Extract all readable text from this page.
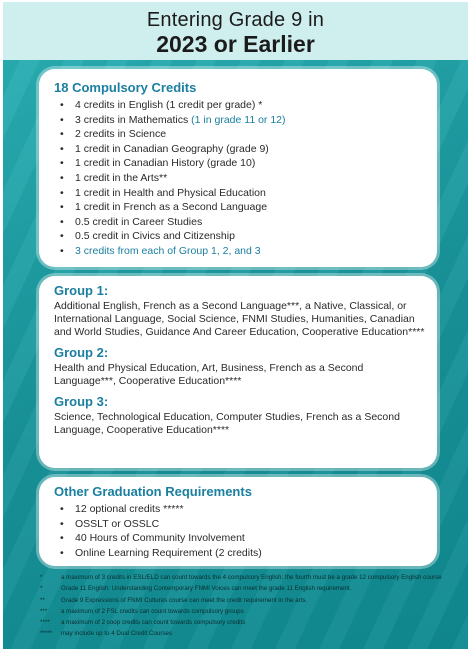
Entering Grade 9 in
2023 or Earlier
18 Compulsory Credits
• 4 credits in English (1 credit per grade) *
• 3 credits in Mathematics (1 in grade 11 or 12)
• 2 credits in Science
• 1 credit in Canadian Geography (grade 9)
• 1 credit in Canadian History (grade 10)
• 1 credit in the Arts**
• 1 credit in Health and Physical Education
• 1 credit in French as a Second Language
• 0.5 credit in Career Studies
• 0.5 credit in Civics and Citizenship
• 3 credits from each of Group 1, 2, and 3
Group 1:
Additional English, French as a Second Language***, a Native, Classical, or International Language, Social Science, FNMI Studies, Humanities, Canadian and World Studies, Guidance And Career Education, Cooperative Education****
Group 2:
Health and Physical Education, Art, Business, French as a Second Language***, Cooperative Education****
Group 3:
Science, Technological Education, Computer Studies, French as a Second Language, Cooperative Education****
Other Graduation Requirements
• 12 optional credits *****
• OSSLT or OSSLC
• 40 Hours of Community Involvement
• Online Learning Requirement (2 credits)
*	a maximum of 3 credits in ESL/ELD can count towards the 4 compulsory English; the fourth must be a grade 12 compulsory English course
*	Grade 11 English: Understanding Contemporary FNMI Voices can meet the grade 11 English requirement.
**	Grade 9 Expressions of FNMI Cultures course can meet the credit requirement in the arts.
***	a maximum of 2 FSL credits can count towards compulsory groups
****	a maximum of 2 coop credits can count towards compulsory credits
*****	may include up to 4 Dual Credit Courses
